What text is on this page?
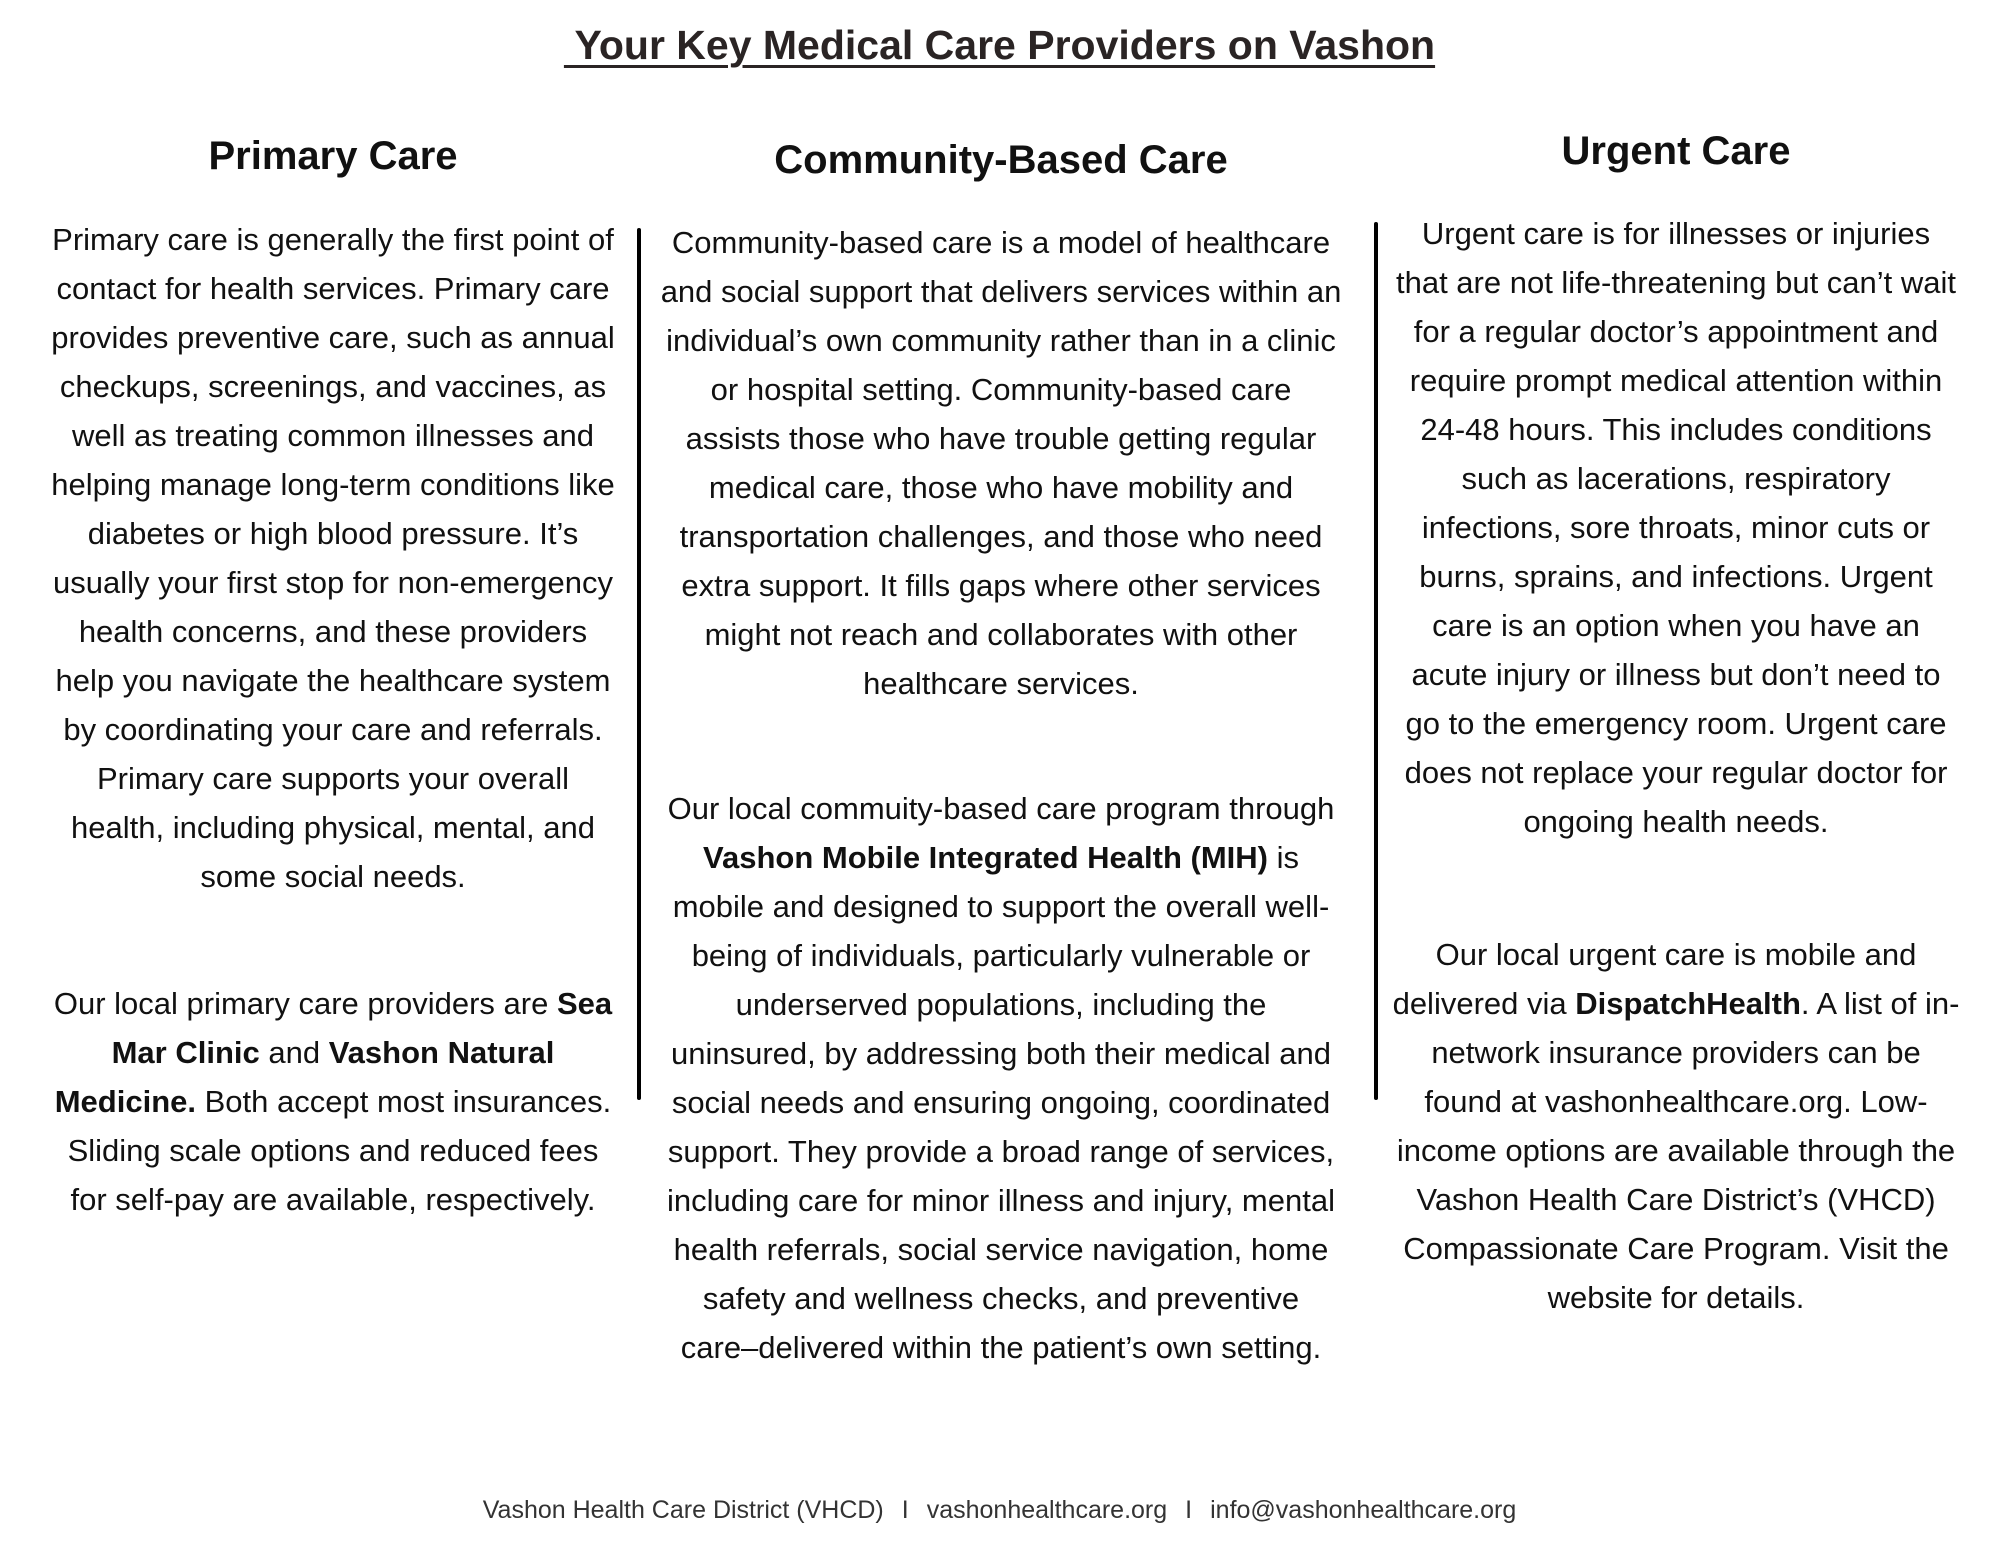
Your Key Medical Care Providers on Vashon
Primary Care

Primary care is generally the first point of contact for health services. Primary care provides preventive care, such as annual checkups, screenings, and vaccines, as well as treating common illnesses and helping manage long-term conditions like diabetes or high blood pressure. It’s usually your first stop for non-emergency health concerns, and these providers help you navigate the healthcare system by coordinating your care and referrals. Primary care supports your overall health, including physical, mental, and some social needs.

Our local primary care providers are Sea Mar Clinic and Vashon Natural Medicine. Both accept most insurances. Sliding scale options and reduced fees for self-pay are available, respectively.

Community-Based Care

Community-based care is a model of healthcare and social support that delivers services within an individual’s own community rather than in a clinic or hospital setting. Community-based care assists those who have trouble getting regular medical care, those who have mobility and transportation challenges, and those who need extra support. It fills gaps where other services might not reach and collaborates with other healthcare services.

Our local commuity-based care program through Vashon Mobile Integrated Health (MIH) is mobile and designed to support the overall well-being of individuals, particularly vulnerable or underserved populations, including the uninsured, by addressing both their medical and social needs and ensuring ongoing, coordinated support. They provide a broad range of services, including care for minor illness and injury, mental health referrals, social service navigation, home safety and wellness checks, and preventive care–delivered within the patient’s own setting.

Urgent Care

Urgent care is for illnesses or injuries that are not life-threatening but can’t wait for a regular doctor’s appointment and require prompt medical attention within 24-48 hours. This includes conditions such as lacerations, respiratory infections, sore throats, minor cuts or burns, sprains, and infections. Urgent care is an option when you have an acute injury or illness but don’t need to go to the emergency room. Urgent care does not replace your regular doctor for ongoing health needs.

Our local urgent care is mobile and delivered via DispatchHealth. A list of in-network insurance providers can be found at vashonhealthcare.org. Low-income options are available through the Vashon Health Care District’s (VHCD) Compassionate Care Program. Visit the website for details.

Vashon Health Care District (VHCD) I vashonhealthcare.org I info@vashonhealthcare.org
